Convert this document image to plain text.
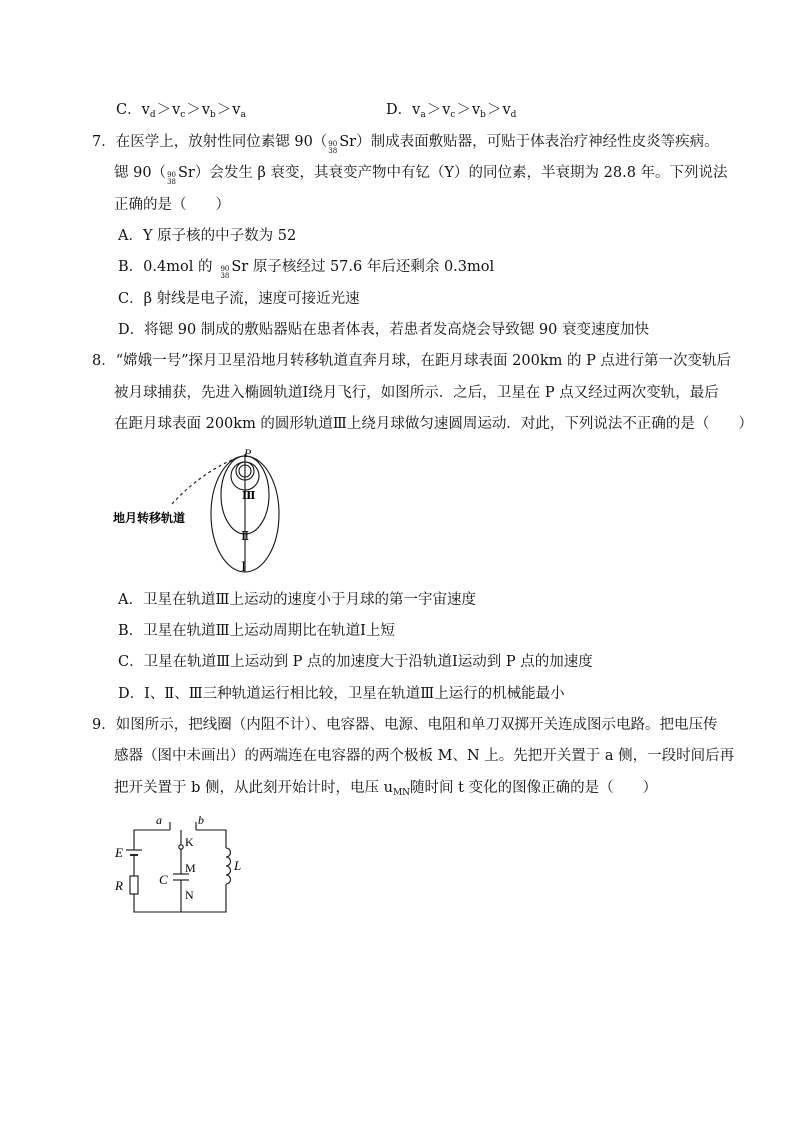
C．$v_d>v_c>v_b>v_a$	D．$v_a>v_c>v_b>v_d$
7．在医学上，放射性同位素锶 90（ 90
38
Sr）制成表面敷贴器，可贴于体表治疗神经性皮炎等疾病。
锶 90（ 90
38
Sr）会发生 β 衰变，其衰变产物中有钇（Y）的同位素，半衰期为 28.8 年。下列说法
正确的是（　　）
A．Y 原子核的中子数为 52
B．0.4mol 的 90
38
Sr 原子核经过 57.6 年后还剩余 0.3mol
C．β 射线是电子流，速度可接近光速
D．将锶 90 制成的敷贴器贴在患者体表，若患者发高烧会导致锶 90 衰变速度加快
8．“嫦娥一号”探月卫星沿地月转移轨道直奔月球，在距月球表面 200km 的 P 点进行第一次变轨后
被月球捕获，先进入椭圆轨道Ⅰ绕月飞行，如图所示．之后，卫星在 P 点又经过两次变轨，最后
在距月球表面 200km 的圆形轨道Ⅲ上绕月球做匀速圆周运动．对此，下列说法不正确的是（　　）
P
地月转移轨道
Ⅲ
Ⅱ
Ⅰ
A．卫星在轨道Ⅲ上运动的速度小于月球的第一宇宙速度
B．卫星在轨道Ⅲ上运动周期比在轨道Ⅰ上短
C．卫星在轨道Ⅲ上运动到 P 点的加速度大于沿轨道Ⅰ运动到 P 点的加速度
D．Ⅰ、Ⅱ、Ⅲ三种轨道运行相比较，卫星在轨道Ⅲ上运行的机械能最小
9．如图所示，把线圈（内阻不计）、电容器、电源、电阻和单刀双掷开关连成图示电路。把电压传
感器（图中未画出）的两端连在电容器的两个极板 M、N 上。先把开关置于 a 侧，一段时间后再
把开关置于 b 侧，从此刻开始计时，电压 $u_{MN}$随时间 t 变化的图像正确的是（　　）
a	b
K
E
M
C
L
R
N
